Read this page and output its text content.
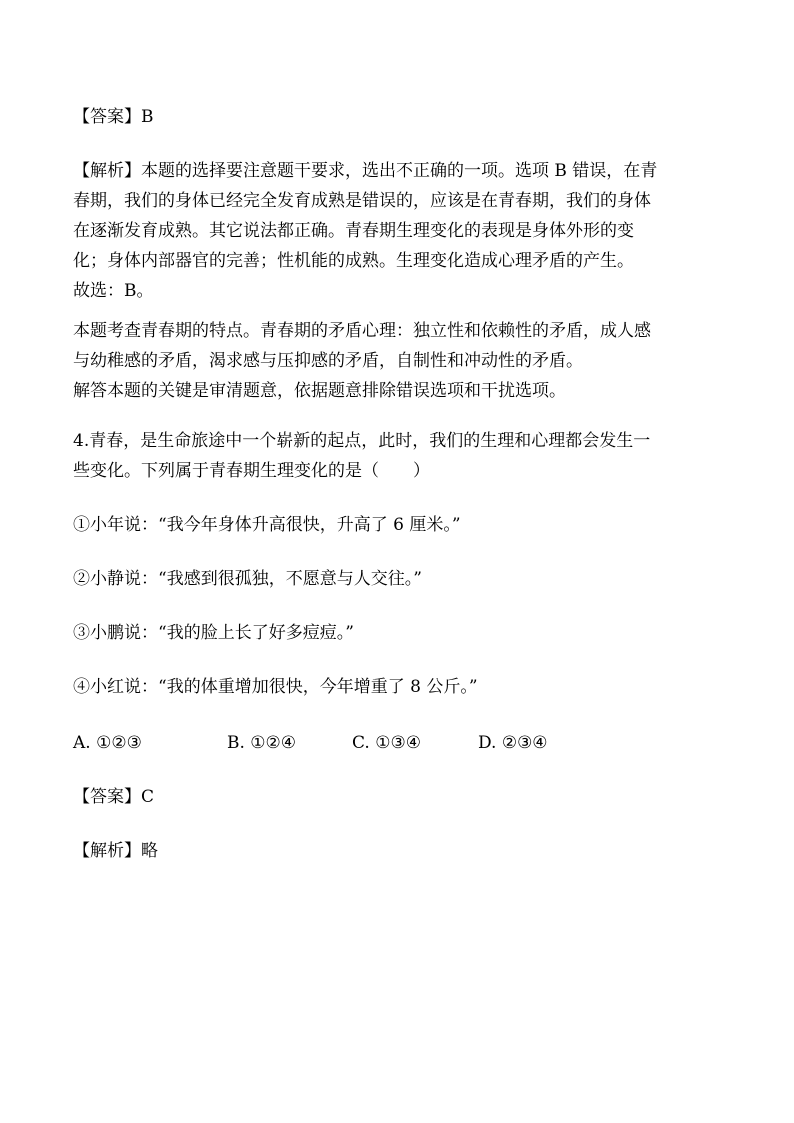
【答案】B
【解析】本题的选择要注意题干要求，选出不正确的一项。选项 B 错误，在青
春期，我们的身体已经完全发育成熟是错误的，应该是在青春期，我们的身体
在逐渐发育成熟。其它说法都正确。青春期生理变化的表现是身体外形的变
化；身体内部器官的完善；性机能的成熟。生理变化造成心理矛盾的产生。
故选：B。
本题考查青春期的特点。青春期的矛盾心理：独立性和依赖性的矛盾，成人感
与幼稚感的矛盾，渴求感与压抑感的矛盾，自制性和冲动性的矛盾。
解答本题的关键是审清题意，依据题意排除错误选项和干扰选项。
4.青春，是生命旅途中一个崭新的起点，此时，我们的生理和心理都会发生一
些变化。下列属于青春期生理变化的是（　　）
①小年说：“我今年身体升高很快，升高了 6 厘米。”
②小静说：“我感到很孤独，不愿意与人交往。”
③小鹏说：“我的脸上长了好多痘痘。”
④小红说：“我的体重增加很快，今年增重了 8 公斤。”
A. ①②③	B. ①②④	C. ①③④	D. ②③④
【答案】C
【解析】略
